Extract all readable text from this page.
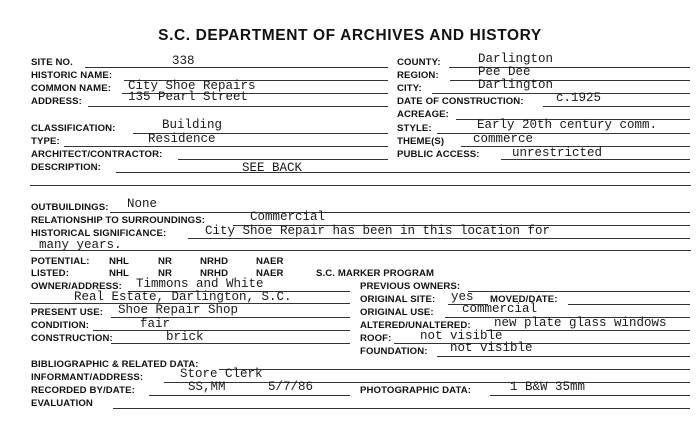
S.C. DEPARTMENT OF ARCHIVES AND HISTORY
SITE NO.	338
HISTORIC NAME:
COMMON NAME: City Shoe Repairs
ADDRESS:	135 Pearl Street
COUNTY:	Darlington
REGION:	Pee Dee
CITY:	Darlington
DATE OF CONSTRUCTION:	c.1925
ACREAGE:
CLASSIFICATION:	Building
TYPE:	Residence
ARCHITECT/CONTRACTOR:
DESCRIPTION:	SEE BACK
STYLE:	Early 20th century comm.
THEME(S) commerce
PUBLIC ACCESS:	unrestricted
OUTBUILDINGS: None
RELATIONSHIP TO SURROUNDINGS:	Commercial
HISTORICAL SIGNIFICANCE:	City Shoe Repair has been in this location for
many years.
POTENTIAL: NHL	NR	NRHD	NAER
LISTED:	NHL	NR	NRHD	NAER	S.C. MARKER PROGRAM
OWNER/ADDRESS: Timmons and White
Real Estate, Darlington, S.C.
PRESENT USE: Shoe Repair Shop
CONDITION:	fair
CONSTRUCTION:	brick
PREVIOUS OWNERS:
ORIGINAL SITE: yes MOVED/DATE:
ORIGINAL USE: commercial
ALTERED/UNALTERED: new plate glass windows
ROOF: not visible
FOUNDATION: not visible
BIBLIOGRAPHIC & RELATED DATA:
INFORMANT/ADDRESS:	Store Clerk
RECORDED BY/DATE:	SS,MM	5/7/86	PHOTOGRAPHIC DATA:	1 B&W 35mm
EVALUATION
